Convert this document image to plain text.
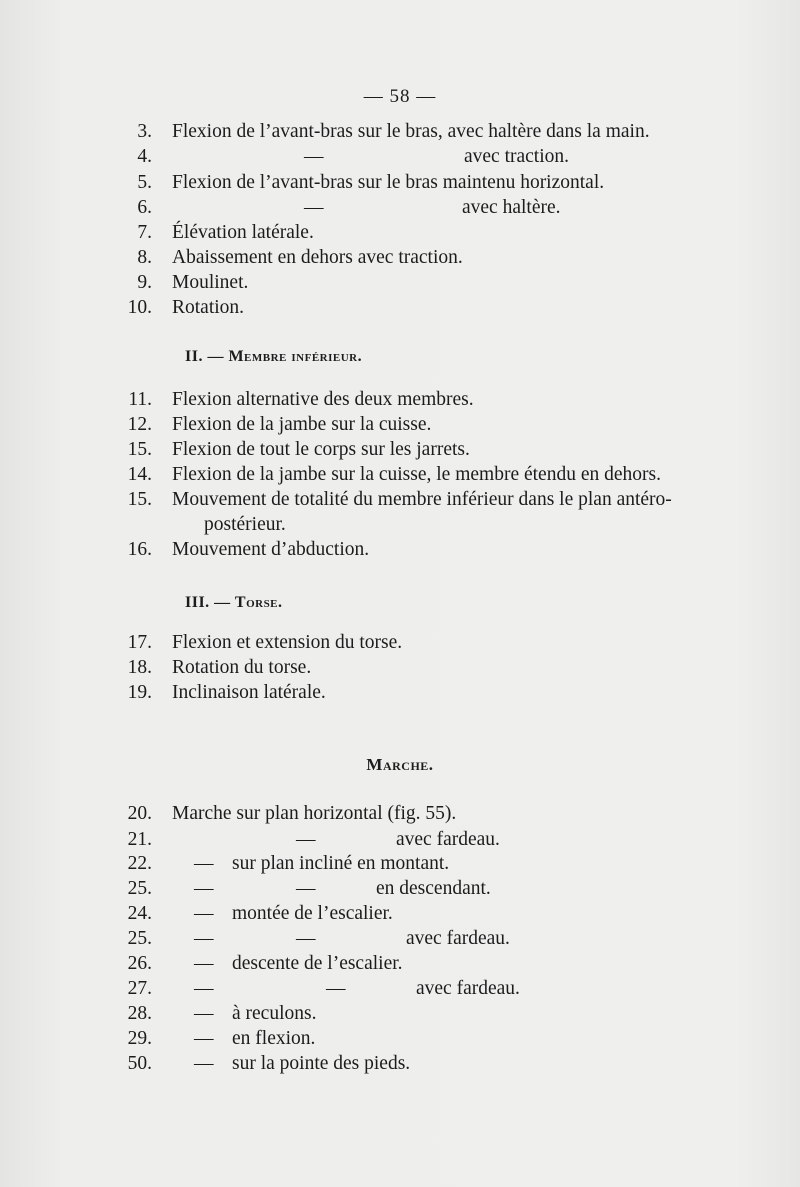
— 58 —
3. Flexion de l’avant-bras sur le bras, avec haltère dans la main.
4.	—	avec traction.
5. Flexion de l’avant-bras sur le bras maintenu horizontal.
6.	—	avec haltère.
7. Élévation latérale.
8. Abaissement en dehors avec traction.
9. Moulinet.
10. Rotation.
II. — Membre inférieur.
11. Flexion alternative des deux membres.
12. Flexion de la jambe sur la cuisse.
15. Flexion de tout le corps sur les jarrets.
14. Flexion de la jambe sur la cuisse, le membre étendu en dehors.
15. Mouvement de totalité du membre inférieur dans le plan antéro-
postérieur.
16. Mouvement d’abduction.
III. — Torse.
17. Flexion et extension du torse.
18. Rotation du torse.
19. Inclinaison latérale.
Marche.
20. Marche sur plan horizontal (fig. 55).
21.	—	avec fardeau.
22. — sur plan incliné en montant.
25. —	—	en descendant.
24. — montée de l’escalier.
25. —	—	avec fardeau.
26. — descente de l’escalier.
27. —	—	avec fardeau.
28. — à reculons.
29. — en flexion.
50. — sur la pointe des pieds.
